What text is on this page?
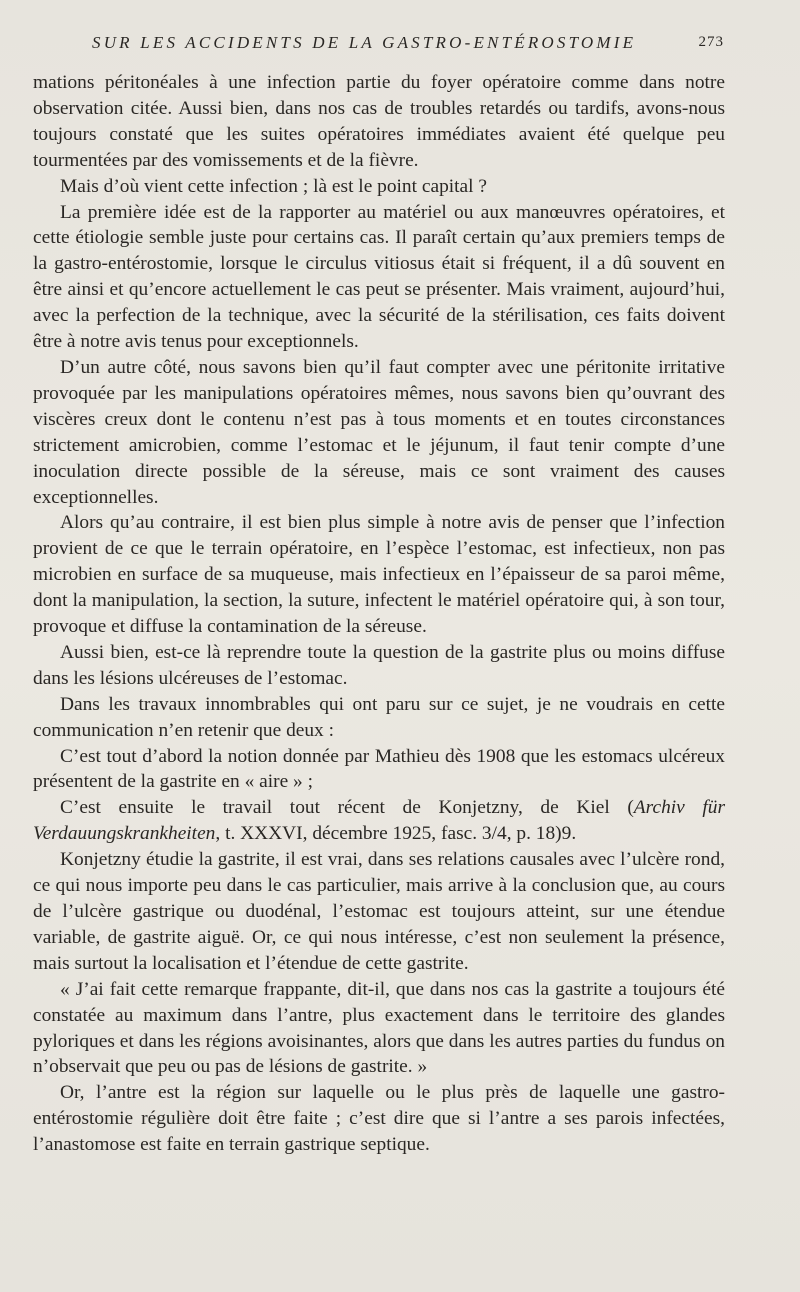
SUR LES ACCIDENTS DE LA GASTRO-ENTÉROSTOMIE	273

mations péritonéales à une infection partie du foyer opératoire comme dans notre observation citée. Aussi bien, dans nos cas de troubles retardés ou tardifs, avons-nous toujours constaté que les suites opératoires immédiates avaient été quelque peu tourmentées par des vomissements et de la fièvre.

Mais d’où vient cette infection ; là est le point capital ?

La première idée est de la rapporter au matériel ou aux manœuvres opératoires, et cette étiologie semble juste pour certains cas. Il paraît certain qu’aux premiers temps de la gastro-entérostomie, lorsque le circulus vitiosus était si fréquent, il a dû souvent en être ainsi et qu’encore actuellement le cas peut se présenter. Mais vraiment, aujourd’hui, avec la perfection de la technique, avec la sécurité de la stérilisation, ces faits doivent être à notre avis tenus pour exceptionnels.

D’un autre côté, nous savons bien qu’il faut compter avec une péritonite irritative provoquée par les manipulations opératoires mêmes, nous savons bien qu’ouvrant des viscères creux dont le contenu n’est pas à tous moments et en toutes circonstances strictement amicrobien, comme l’estomac et le jéjunum, il faut tenir compte d’une inoculation directe possible de la séreuse, mais ce sont vraiment des causes exceptionnelles.

Alors qu’au contraire, il est bien plus simple à notre avis de penser que l’infection provient de ce que le terrain opératoire, en l’espèce l’estomac, est infectieux, non pas microbien en surface de sa muqueuse, mais infectieux en l’épaisseur de sa paroi même, dont la manipulation, la section, la suture, infectent le matériel opératoire qui, à son tour, provoque et diffuse la contamination de la séreuse.

Aussi bien, est-ce là reprendre toute la question de la gastrite plus ou moins diffuse dans les lésions ulcéreuses de l’estomac.

Dans les travaux innombrables qui ont paru sur ce sujet, je ne voudrais en cette communication n’en retenir que deux :

C’est tout d’abord la notion donnée par Mathieu dès 1908 que les estomacs ulcéreux présentent de la gastrite en « aire » ;

C’est ensuite le travail tout récent de Konjetzny, de Kiel (Archiv für Verdauungskrankheiten, t. XXXVI, décembre 1925, fasc. 3/4, p. 18)9.

Konjetzny étudie la gastrite, il est vrai, dans ses relations causales avec l’ulcère rond, ce qui nous importe peu dans le cas particulier, mais arrive à la conclusion que, au cours de l’ulcère gastrique ou duodénal, l’estomac est toujours atteint, sur une étendue variable, de gastrite aiguë. Or, ce qui nous intéresse, c’est non seulement la présence, mais surtout la localisation et l’étendue de cette gastrite.

« J’ai fait cette remarque frappante, dit-il, que dans nos cas la gastrite a toujours été constatée au maximum dans l’antre, plus exactement dans le territoire des glandes pyloriques et dans les régions avoisinantes, alors que dans les autres parties du fundus on n’observait que peu ou pas de lésions de gastrite. »

Or, l’antre est la région sur laquelle ou le plus près de laquelle une gastro-entérostomie régulière doit être faite ; c’est dire que si l’antre a ses parois infectées, l’anastomose est faite en terrain gastrique septique.
